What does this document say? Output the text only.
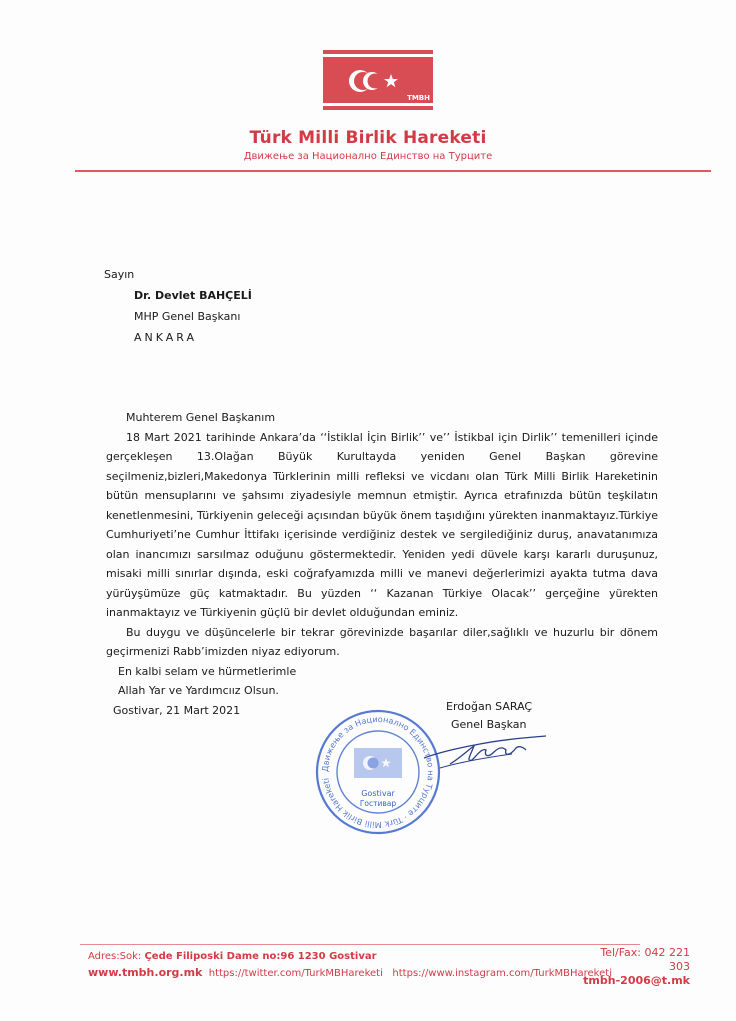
TMBH
Türk Milli Birlik Hareketi
Движење за Национално Единство на Турците
Sayın
Dr. Devlet BAHÇELİ
MHP Genel Başkanı
ANKARA
Muhterem Genel Başkanım

18 Mart 2021 tarihinde Ankara’da ‘‘İstiklal İçin Birlik’’ ve’’ İstikbal için Dirlik’’ temenilleri içinde gerçekleşen 13.Olağan Büyük Kurultayda yeniden Genel Başkan görevine seçilmeniz,bizleri,Makedonya Türklerinin milli refleksi ve vicdanı olan Türk Milli Birlik Hareketinin bütün mensuplarını ve şahsımı ziyadesiyle memnun etmiştir. Ayrıca etrafınızda bütün teşkilatın kenetlenmesini, Türkiyenin geleceği açısından büyük önem taşıdığını yürekten inanmaktayız.Türkiye Cumhuriyeti’ne Cumhur İttifakı içerisinde verdiğiniz destek ve sergilediğiniz duruş, anavatanımıza olan inancımızı sarsılmaz oduğunu göstermektedir. Yeniden yedi düvele karşı kararlı duruşunuz, misaki milli sınırlar dışında, eski coğrafyamızda milli ve manevi değerlerimizi ayakta tutma dava yürüyşümüze güç katmaktadır. Bu yüzden ‘‘ Kazanan Türkiye Olacak’’ gerçeğine yürekten inanmaktayız ve Türkiyenin güçlü bir devlet olduğundan eminiz.

Bu duygu ve düşüncelerle bir tekrar görevinizde başarılar diler,sağlıklı ve huzurlu bir dönem geçirmenizi Rabb’imizden niyaz ediyorum.

En kalbi selam ve hürmetlerimle
Allah Yar ve Yardımcıız Olsun.
Gostivar, 21 Mart 2021	Erdoğan SARAÇ
Genel Başkan
Движење за Национално Единство на Турците · Türk Milli Birlik Hareketi
Gostivar
Гостивар
Adres:Sok: Çede Filiposki Dame no:96 1230 Gostivar
www.tmbh.org.mk https://twitter.com/TurkMBHareketi https://www.instagram.com/TurkMBHareketi
Tel/Fax: 042 221 303
tmbh-2006@t.mk
